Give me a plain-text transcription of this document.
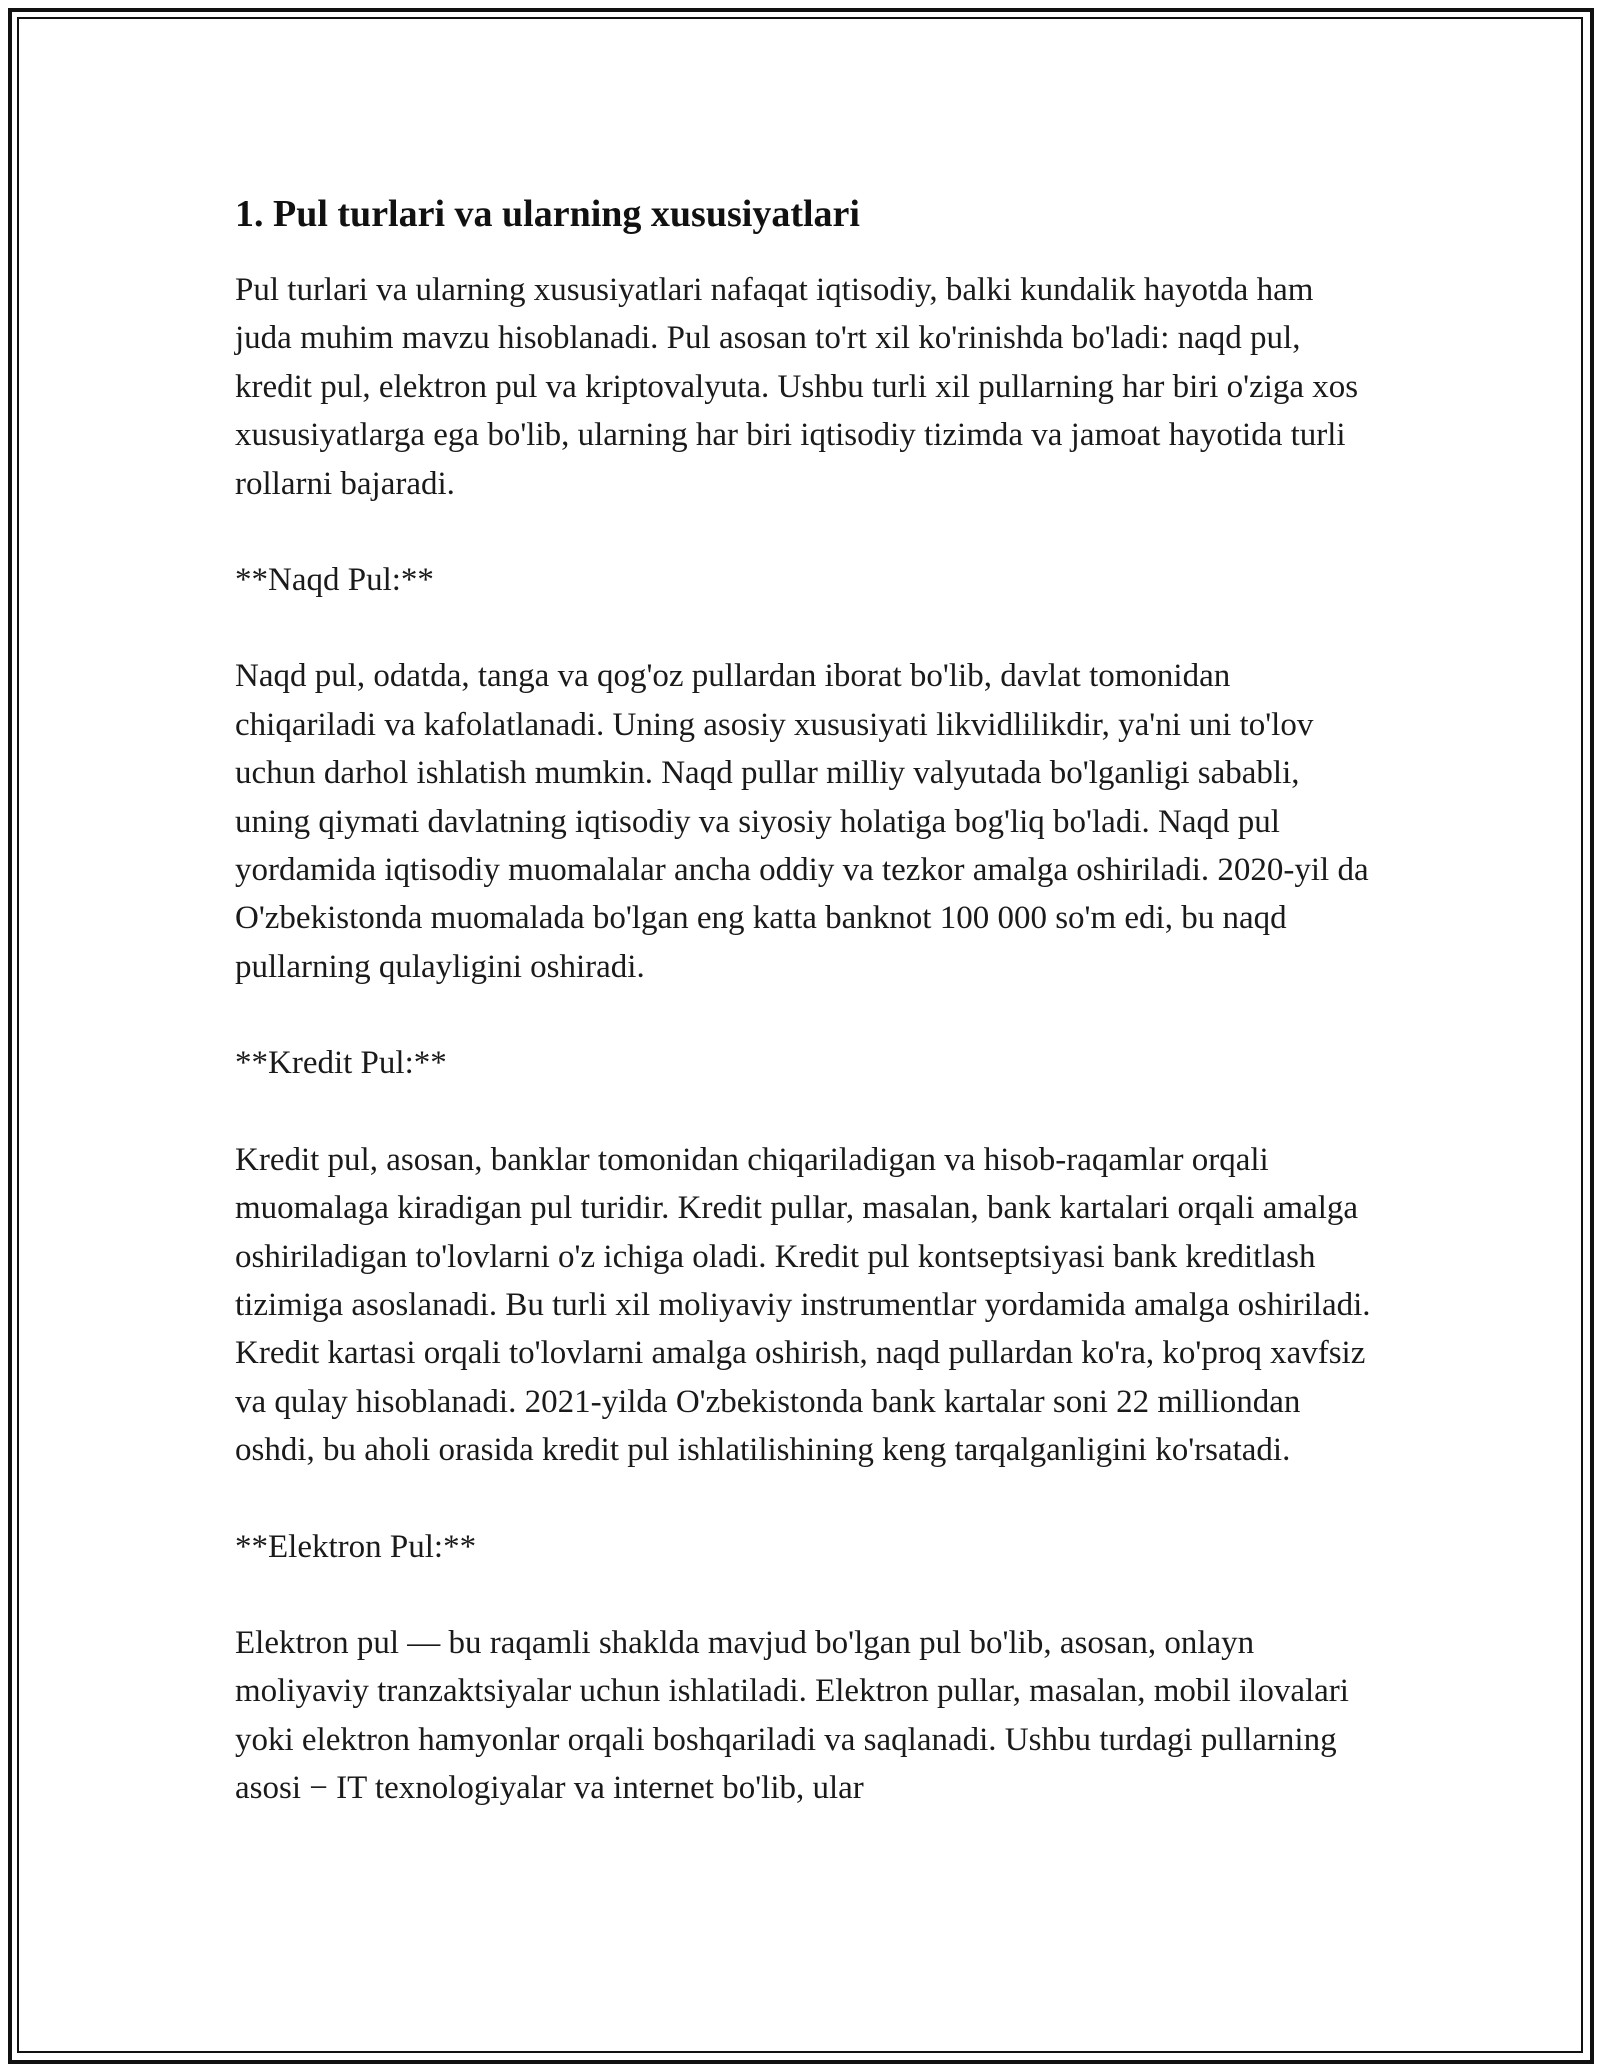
1. Pul turlari va ularning xususiyatlari

Pul turlari va ularning xususiyatlari nafaqat iqtisodiy, balki kundalik hayotda ham juda muhim mavzu hisoblanadi. Pul asosan to'rt xil ko'rinishda bo'ladi: naqd pul, kredit pul, elektron pul va kriptovalyuta. Ushbu turli xil pullarning har biri o'ziga xos xususiyatlarga ega bo'lib, ularning har biri iqtisodiy tizimda va jamoat hayotida turli rollarni bajaradi.

**Naqd Pul:**

Naqd pul, odatda, tanga va qog'oz pullardan iborat bo'lib, davlat tomonidan chiqariladi va kafolatlanadi. Uning asosiy xususiyati likvidlilikdir, ya'ni uni to'lov uchun darhol ishlatish mumkin. Naqd pullar milliy valyutada bo'lganligi sababli, uning qiymati davlatning iqtisodiy va siyosiy holatiga bog'liq bo'ladi. Naqd pul yordamida iqtisodiy muomalalar ancha oddiy va tezkor amalga oshiriladi. 2020-yil da O'zbekistonda muomalada bo'lgan eng katta banknot 100 000 so'm edi, bu naqd pullarning qulayligini oshiradi.

**Kredit Pul:**

Kredit pul, asosan, banklar tomonidan chiqariladigan va hisob-raqamlar orqali muomalaga kiradigan pul turidir. Kredit pullar, masalan, bank kartalari orqali amalga oshiriladigan to'lovlarni o'z ichiga oladi. Kredit pul kontseptsiyasi bank kreditlash tizimiga asoslanadi. Bu turli xil moliyaviy instrumentlar yordamida amalga oshiriladi. Kredit kartasi orqali to'lovlarni amalga oshirish, naqd pullardan ko'ra, ko'proq xavfsiz va qulay hisoblanadi. 2021-yilda O'zbekistonda bank kartalar soni 22 milliondan oshdi, bu aholi orasida kredit pul ishlatilishining keng tarqalganligini ko'rsatadi.

**Elektron Pul:**

Elektron pul — bu raqamli shaklda mavjud bo'lgan pul bo'lib, asosan, onlayn moliyaviy tranzaktsiyalar uchun ishlatiladi. Elektron pullar, masalan, mobil ilovalari yoki elektron hamyonlar orqali boshqariladi va saqlanadi. Ushbu turdagi pullarning asosi − IT texnologiyalar va internet bo'lib, ular
